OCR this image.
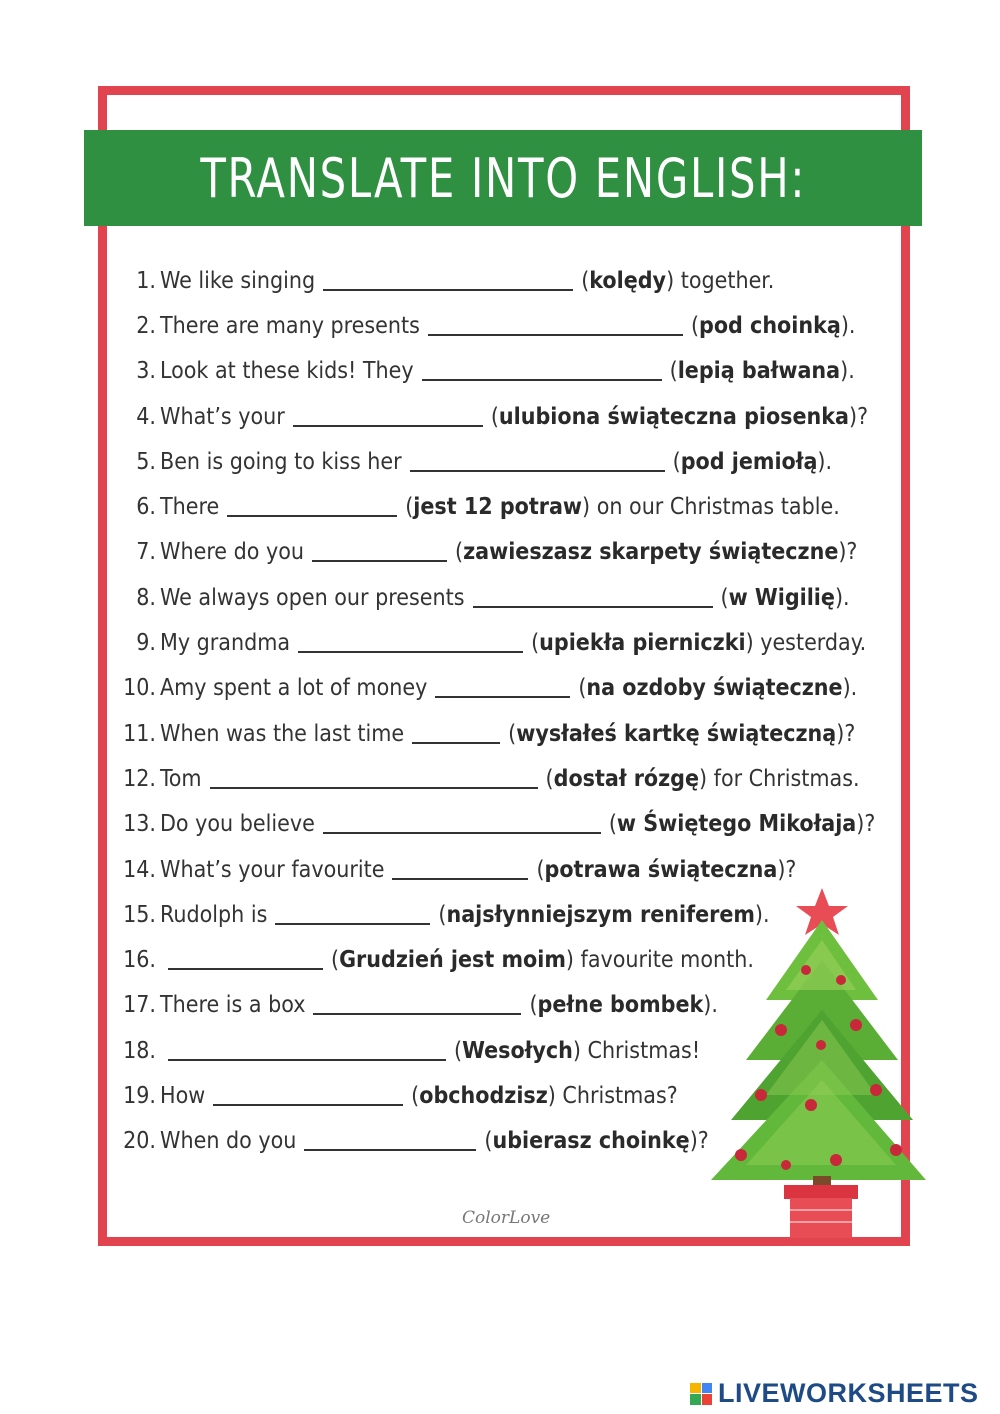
TRANSLATE INTO ENGLISH:
1. We like singing	( kolędy ) together.
2. There are many presents	( pod choinką ).
3. Look at these kids! They	( lepią bałwana ).
4. What’s your	( ulubiona świąteczna piosenka )?
5. Ben is going to kiss her	( pod jemiołą ).
6. There	( jest 12 potraw ) on our Christmas table.
7. Where do you	( zawieszasz skarpety świąteczne )?
8. We always open our presents	( w Wigilię ).
9. My grandma	( upiekła pierniczki ) yesterday.
10. Amy spent a lot of money	( na ozdoby świąteczne ).
11. When was the last time	( wysłałeś kartkę świąteczną )?
12. Tom	( dostał rózgę ) for Christmas.
13. Do you believe	( w Świętego Mikołaja )?
14. What’s your favourite	( potrawa świąteczna )?
15. Rudolph is	( najsłynniejszym reniferem ).
16.	( Grudzień jest moim ) favourite month.
17. There is a box	( pełne bombek ).
18.	( Wesołych ) Christmas!
19. How	( obchodzisz ) Christmas?
20. When do you	( ubierasz choinkę )?
ColorLove
LIVEWORKSHEETS
